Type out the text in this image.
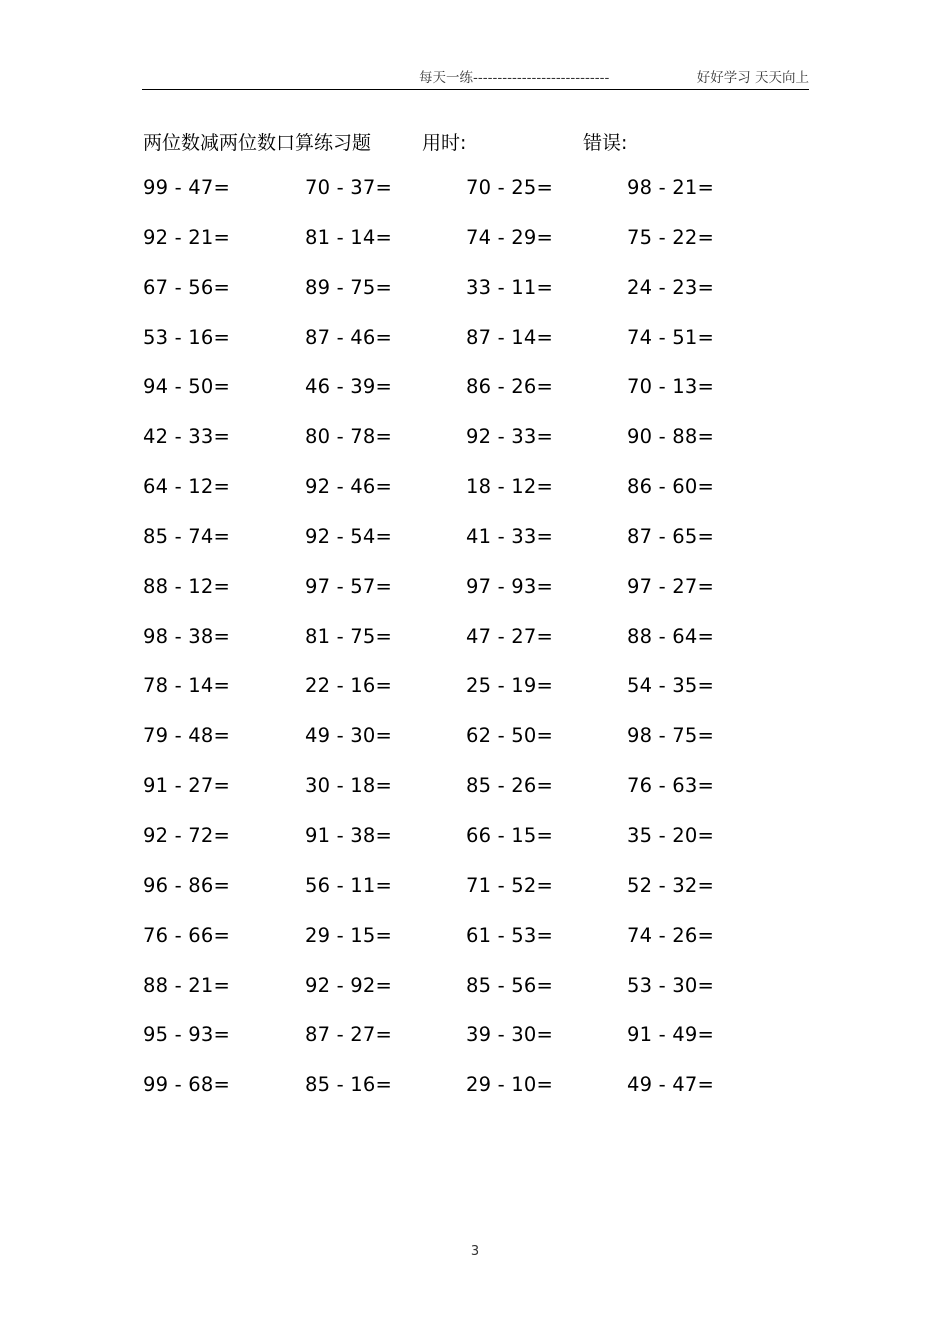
每天一练----------------------------	好好学习 天天向上
两位数减两位数口算练习题	用时:	错误:
99 - 47=	70 - 37=	70 - 25=	98 - 21=
92 - 21=	81 - 14=	74 - 29=	75 - 22=
67 - 56=	89 - 75=	33 - 11=	24 - 23=
53 - 16=	87 - 46=	87 - 14=	74 - 51=
94 - 50=	46 - 39=	86 - 26=	70 - 13=
42 - 33=	80 - 78=	92 - 33=	90 - 88=
64 - 12=	92 - 46=	18 - 12=	86 - 60=
85 - 74=	92 - 54=	41 - 33=	87 - 65=
88 - 12=	97 - 57=	97 - 93=	97 - 27=
98 - 38=	81 - 75=	47 - 27=	88 - 64=
78 - 14=	22 - 16=	25 - 19=	54 - 35=
79 - 48=	49 - 30=	62 - 50=	98 - 75=
91 - 27=	30 - 18=	85 - 26=	76 - 63=
92 - 72=	91 - 38=	66 - 15=	35 - 20=
96 - 86=	56 - 11=	71 - 52=	52 - 32=
76 - 66=	29 - 15=	61 - 53=	74 - 26=
88 - 21=	92 - 92=	85 - 56=	53 - 30=
95 - 93=	87 - 27=	39 - 30=	91 - 49=
99 - 68=	85 - 16=	29 - 10=	49 - 47=
3
